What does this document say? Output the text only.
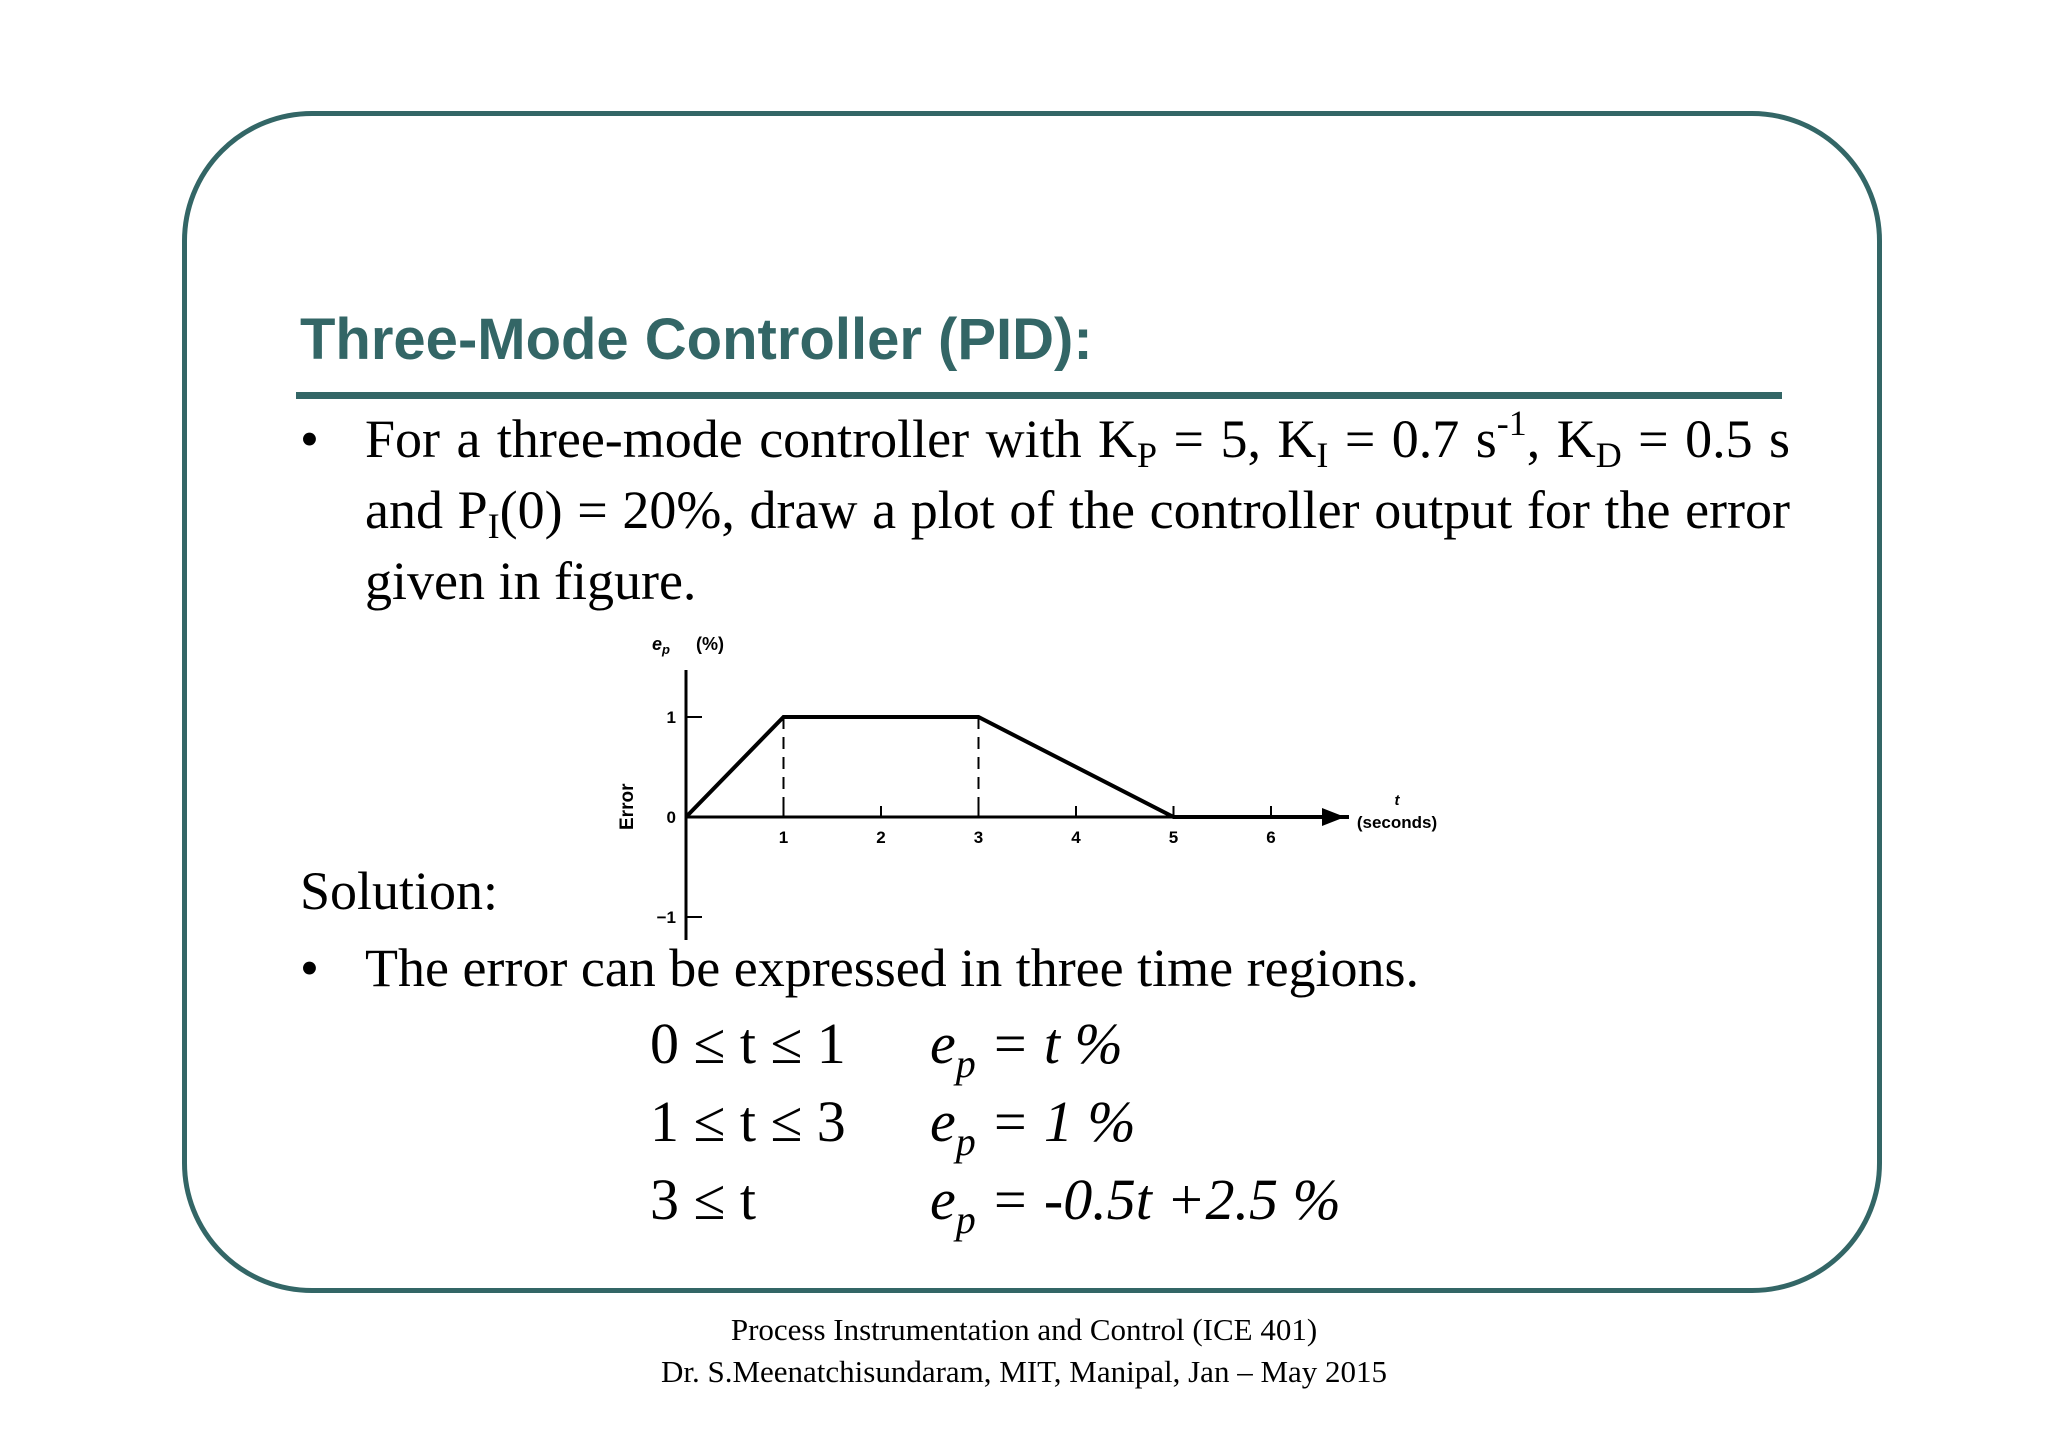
Three-Mode Controller (PID):
• For a three-mode controller with $K_P = 5$, $K_I = 0.7$ $s^{-1}$, $K_D = 0.5$ s and $P_I(0) = 20\%$, draw a plot of the controller output for the error given in figure.
1	2	3	4	5	6
1
0
−1
$e_p$ (%)
Error	t
(seconds)
Solution:
• The error can be expressed in three time regions.
0 ≤ t ≤ 1 $e_p = t$ %
1 ≤ t ≤ 3 $e_p = 1$ %
3 ≤ t	$e_p = -0.5t +2.5$ %
Process Instrumentation and Control (ICE 401)
Dr. S.Meenatchisundaram, MIT, Manipal, Jan – May 2015
